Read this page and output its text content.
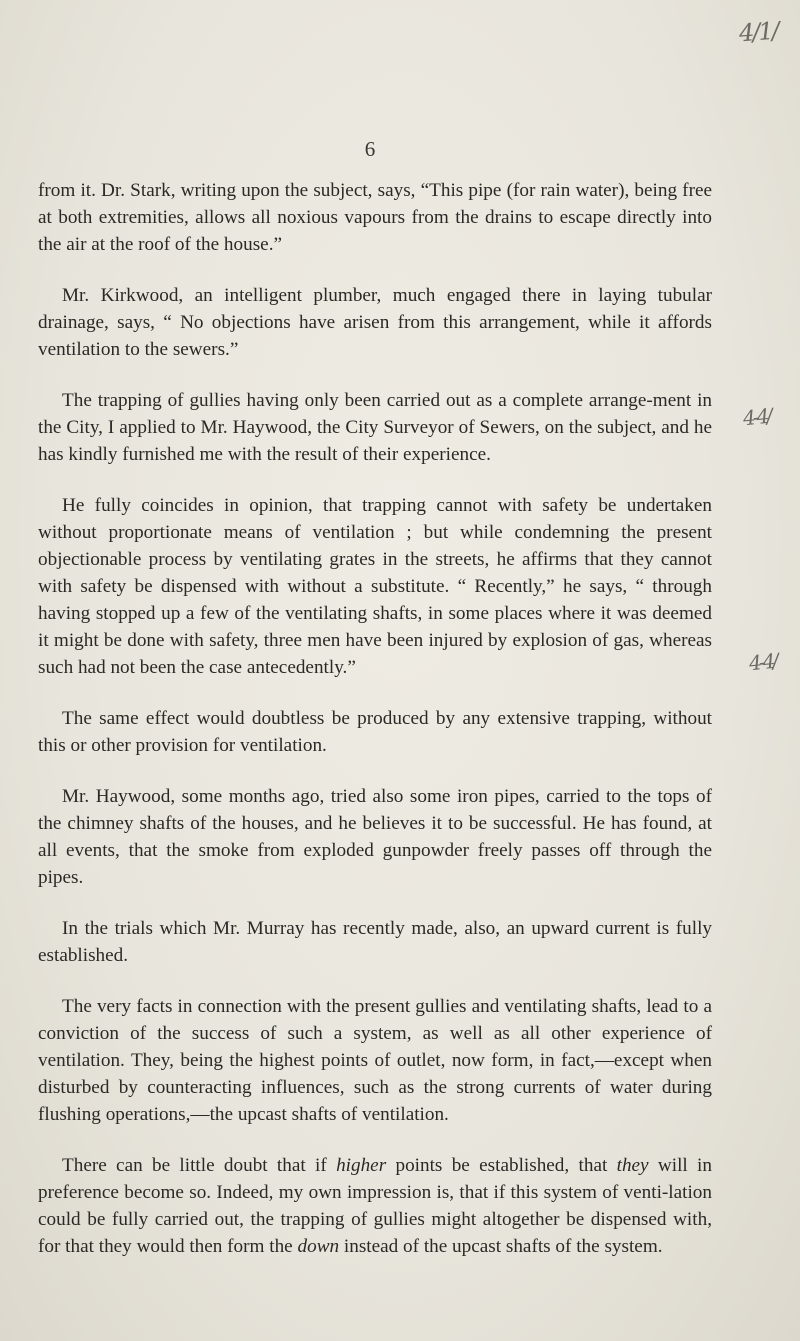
4/1/
4-4/
4-4/
6

from it. Dr. Stark, writing upon the subject, says, “This pipe (for rain water), being free at both extremities, allows all noxious vapours from the drains to escape directly into the air at the roof of the house.”

Mr. Kirkwood, an intelligent plumber, much engaged there in laying tubular drainage, says, “ No objections have arisen from this arrangement, while it affords ventilation to the sewers.”

The trapping of gullies having only been carried out as a complete arrange-ment in the City, I applied to Mr. Haywood, the City Surveyor of Sewers, on the subject, and he has kindly furnished me with the result of their experience.

He fully coincides in opinion, that trapping cannot with safety be undertaken without proportionate means of ventilation ; but while condemning the present objectionable process by ventilating grates in the streets, he affirms that they cannot with safety be dispensed with without a substitute. “ Recently,” he says, “ through having stopped up a few of the ventilating shafts, in some places where it was deemed it might be done with safety, three men have been injured by explosion of gas, whereas such had not been the case antecedently.”

The same effect would doubtless be produced by any extensive trapping, without this or other provision for ventilation.

Mr. Haywood, some months ago, tried also some iron pipes, carried to the tops of the chimney shafts of the houses, and he believes it to be successful. He has found, at all events, that the smoke from exploded gunpowder freely passes off through the pipes.

In the trials which Mr. Murray has recently made, also, an upward current is fully established.

The very facts in connection with the present gullies and ventilating shafts, lead to a conviction of the success of such a system, as well as all other experience of ventilation. They, being the highest points of outlet, now form, in fact,—except when disturbed by counteracting influences, such as the strong currents of water during flushing operations,—the upcast shafts of ventilation.

There can be little doubt that if higher points be established, that they will in preference become so. Indeed, my own impression is, that if this system of venti-lation could be fully carried out, the trapping of gullies might altogether be dispensed with, for that they would then form the down instead of the upcast shafts of the system.
